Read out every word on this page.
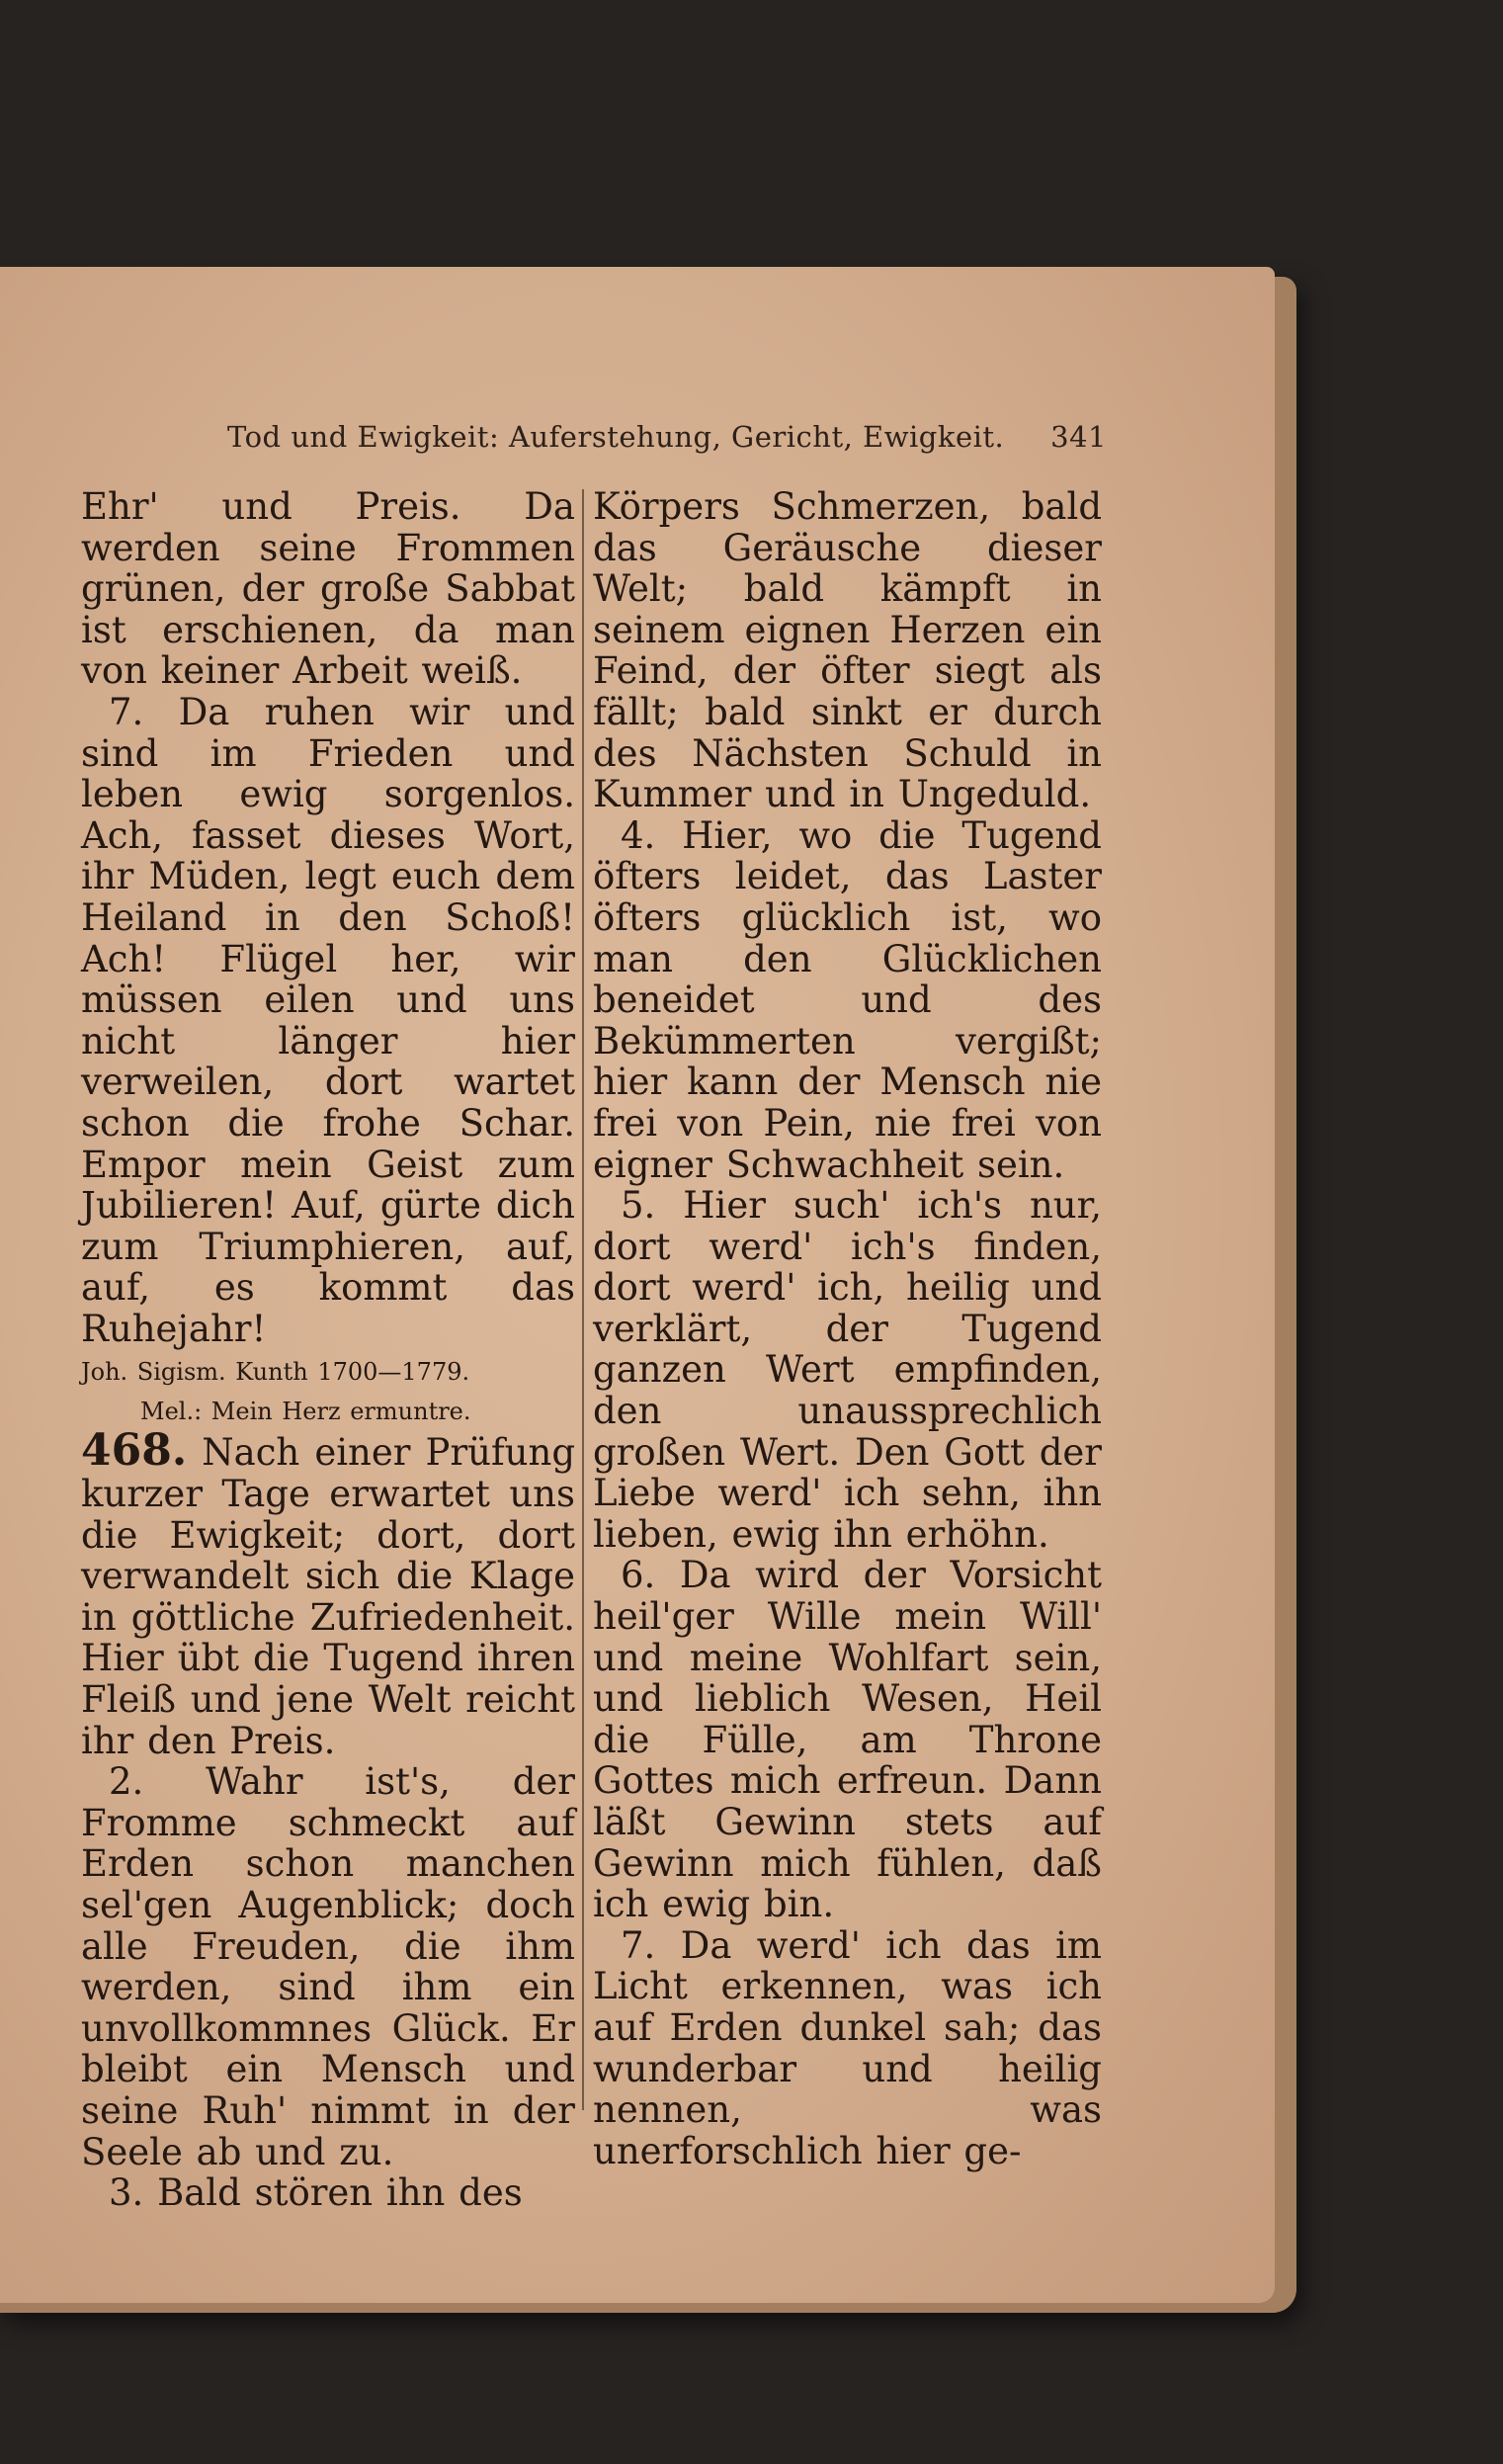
Tod und Ewigkeit: Auferstehung, Gericht, Ewigkeit. 341

Ehr' und Preis. Da werden seine Frommen grünen, der große Sabbat ist erschienen, da man von keiner Arbeit weiß.

7. Da ruhen wir und sind im Frieden und leben ewig sorgenlos. Ach, fasset dieses Wort, ihr Müden, legt euch dem Heiland in den Schoß! Ach! Flügel her, wir müssen eilen und uns nicht länger hier verweilen, dort wartet schon die frohe Schar. Empor mein Geist zum Jubilieren! Auf, gürte dich zum Triumphieren, auf, auf, es kommt das Ruhejahr!

Joh. Sigism. Kunth 1700—1779.

Mel.: Mein Herz ermuntre.

468. Nach einer Prüfung kurzer Tage erwartet uns die Ewigkeit; dort, dort verwandelt sich die Klage in göttliche Zufriedenheit. Hier übt die Tugend ihren Fleiß und jene Welt reicht ihr den Preis.

2. Wahr ist's, der Fromme schmeckt auf Erden schon manchen sel'gen Augenblick; doch alle Freuden, die ihm werden, sind ihm ein unvollkommnes Glück. Er bleibt ein Mensch und seine Ruh' nimmt in der Seele ab und zu.

3. Bald stören ihn des

Körpers Schmerzen, bald das Geräusche dieser Welt; bald kämpft in seinem eignen Herzen ein Feind, der öfter siegt als fällt; bald sinkt er durch des Nächsten Schuld in Kummer und in Ungeduld.

4. Hier, wo die Tugend öfters leidet, das Laster öfters glücklich ist, wo man den Glücklichen beneidet und des Bekümmerten vergißt; hier kann der Mensch nie frei von Pein, nie frei von eigner Schwachheit sein.

5. Hier such' ich's nur, dort werd' ich's finden, dort werd' ich, heilig und verklärt, der Tugend ganzen Wert empfinden, den unaussprechlich großen Wert. Den Gott der Liebe werd' ich sehn, ihn lieben, ewig ihn erhöhn.

6. Da wird der Vorsicht heil'ger Wille mein Will' und meine Wohlfart sein, und lieblich Wesen, Heil die Fülle, am Throne Gottes mich erfreun. Dann läßt Gewinn stets auf Gewinn mich fühlen, daß ich ewig bin.

7. Da werd' ich das im Licht erkennen, was ich auf Erden dunkel sah; das wunderbar und heilig nennen, was unerforschlich hier ge-
